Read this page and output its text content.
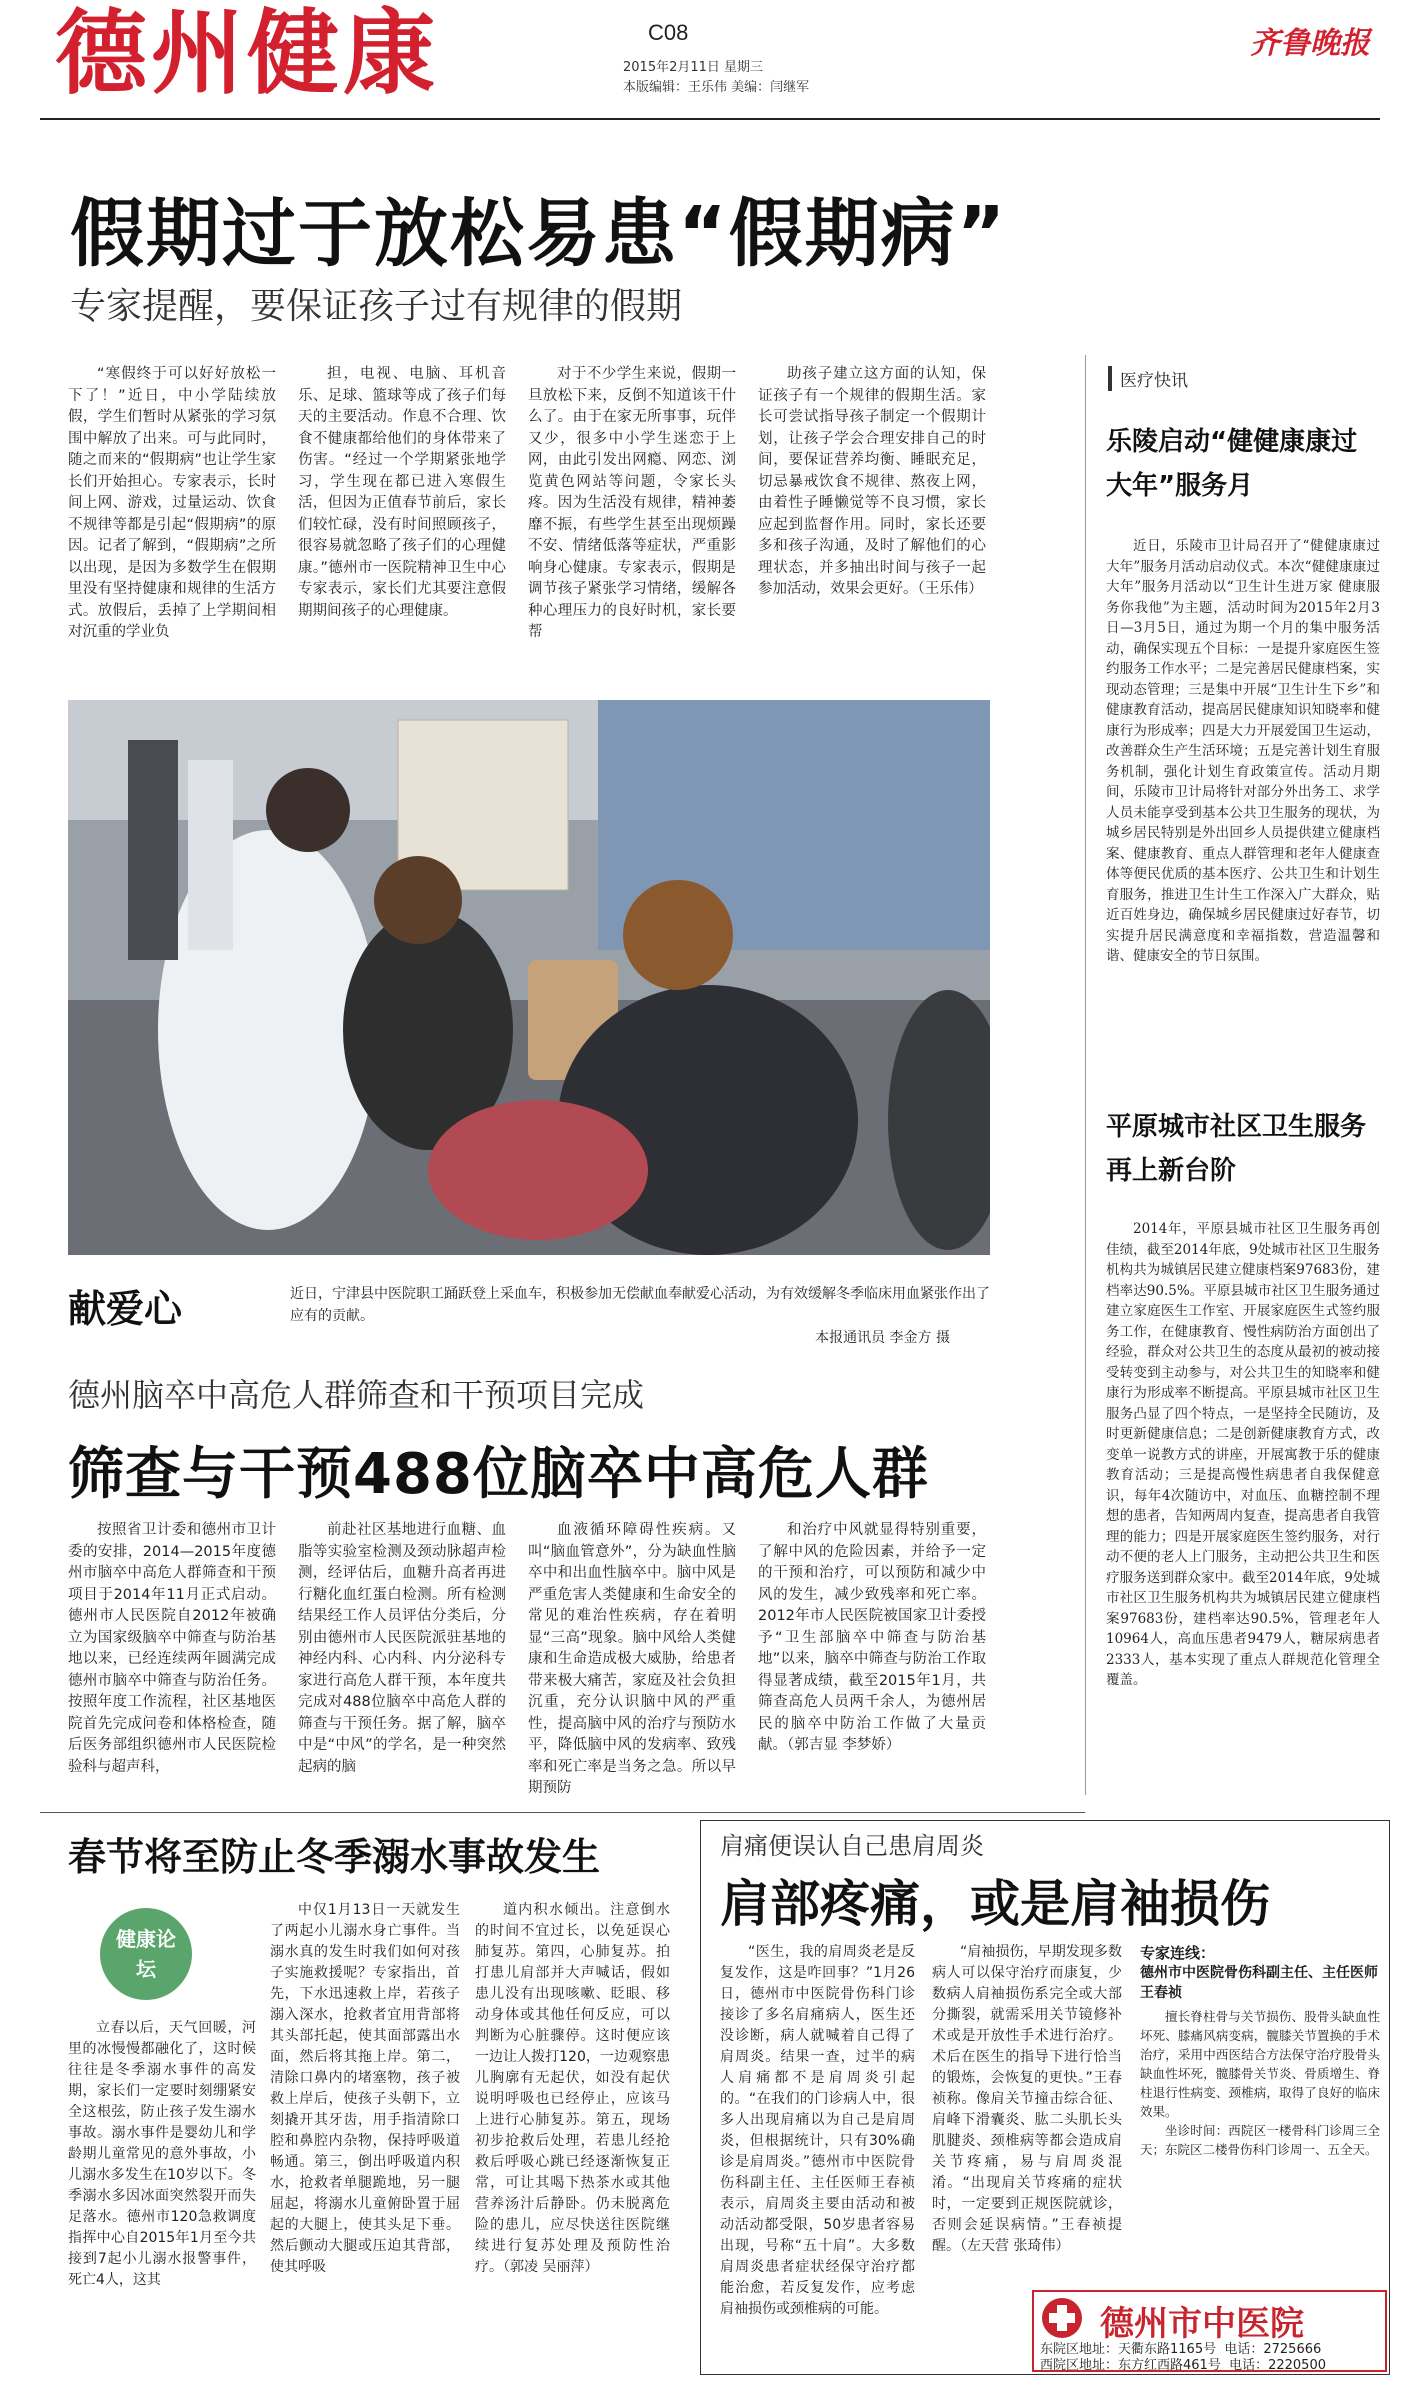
德州健康	C08
2015年2月11日 星期三
本版编辑：王乐伟 美编：闫继军
齐鲁晚报
假期过于放松易患“假期病”
专家提醒，要保证孩子过有规律的假期
“寒假终于可以好好放松一下了！”近日，中小学陆续放假，学生们暂时从紧张的学习氛围中解放了出来。可与此同时，随之而来的“假期病”也让学生家长们开始担心。专家表示，长时间上网、游戏，过量运动、饮食不规律等都是引起“假期病”的原因。记者了解到，“假期病”之所以出现，是因为多数学生在假期里没有坚持健康和规律的生活方式。放假后，丢掉了上学期间相对沉重的学业负
担，电视、电脑、耳机音乐、足球、篮球等成了孩子们每天的主要活动。作息不合理、饮食不健康都给他们的身体带来了伤害。“经过一个学期紧张地学习，学生现在都已进入寒假生活，但因为正值春节前后，家长们较忙碌，没有时间照顾孩子，很容易就忽略了孩子们的心理健康。”德州市一医院精神卫生中心专家表示，家长们尤其要注意假期期间孩子的心理健康。
对于不少学生来说，假期一旦放松下来，反倒不知道该干什么了。由于在家无所事事，玩伴又少，很多中小学生迷恋于上网，由此引发出网瘾、网恋、浏览黄色网站等问题，令家长头疼。因为生活没有规律，精神萎靡不振，有些学生甚至出现烦躁不安、情绪低落等症状，严重影响身心健康。专家表示，假期是调节孩子紧张学习情绪，缓解各种心理压力的良好时机，家长要帮
助孩子建立这方面的认知，保证孩子有一个规律的假期生活。家长可尝试指导孩子制定一个假期计划，让孩子学会合理安排自己的时间，要保证营养均衡、睡眠充足，切忌暴戒饮食不规律、熬夜上网，由着性子睡懒觉等不良习惯，家长应起到监督作用。同时，家长还要多和孩子沟通，及时了解他们的心理状态，并多抽出时间与孩子一起参加活动，效果会更好。（王乐伟）
医疗快讯
乐陵启动“健健康康过大年”服务月
近日，乐陵市卫计局召开了“健健康康过大年”服务月活动启动仪式。本次“健健康康过大年”服务月活动以“卫生计生进万家 健康服务你我他”为主题，活动时间为2015年2月3日—3月5日，通过为期一个月的集中服务活动，确保实现五个目标：一是提升家庭医生签约服务工作水平；二是完善居民健康档案，实现动态管理；三是集中开展“卫生计生下乡”和健康教育活动，提高居民健康知识知晓率和健康行为形成率；四是大力开展爱国卫生运动，改善群众生产生活环境；五是完善计划生育服务机制，强化计划生育政策宣传。活动月期间，乐陵市卫计局将针对部分外出务工、求学人员未能享受到基本公共卫生服务的现状，为城乡居民特别是外出回乡人员提供建立健康档案、健康教育、重点人群管理和老年人健康查体等便民优质的基本医疗、公共卫生和计划生育服务，推进卫生计生工作深入广大群众，贴近百姓身边，确保城乡居民健康过好春节，切实提升居民满意度和幸福指数，营造温馨和谐、健康安全的节日氛围。
平原城市社区卫生服务再上新台阶
2014年，平原县城市社区卫生服务再创佳绩，截至2014年底，9处城市社区卫生服务机构共为城镇居民建立健康档案97683份，建档率达90.5%。平原县城市社区卫生服务通过建立家庭医生工作室、开展家庭医生式签约服务工作，在健康教育、慢性病防治方面创出了经验，群众对公共卫生的态度从最初的被动接受转变到主动参与，对公共卫生的知晓率和健康行为形成率不断提高。平原县城市社区卫生服务凸显了四个特点，一是坚持全民随访，及时更新健康信息；二是创新健康教育方式，改变单一说教方式的讲座，开展寓教于乐的健康教育活动；三是提高慢性病患者自我保健意识，每年4次随访中，对血压、血糖控制不理想的患者，告知两周内复查，提高患者自我管理的能力；四是开展家庭医生签约服务，对行动不便的老人上门服务，主动把公共卫生和医疗服务送到群众家中。截至2014年底，9处城市社区卫生服务机构共为城镇居民建立健康档案97683份，建档率达90.5%，管理老年人10964人，高血压患者9479人，糖尿病患者2333人，基本实现了重点人群规范化管理全覆盖。
献爱心	近日，宁津县中医院职工踊跃登上采血车，积极参加无偿献血奉献爱心活动，为有效缓解冬季临床用血紧张作出了应有的贡献。
本报通讯员 李金方 摄
德州脑卒中高危人群筛查和干预项目完成
筛查与干预488位脑卒中高危人群
按照省卫计委和德州市卫计委的安排，2014—2015年度德州市脑卒中高危人群筛查和干预项目于2014年11月正式启动。德州市人民医院自2012年被确立为国家级脑卒中筛查与防治基地以来，已经连续两年圆满完成德州市脑卒中筛查与防治任务。按照年度工作流程，社区基地医院首先完成问卷和体格检查，随后医务部组织德州市人民医院检验科与超声科，
前赴社区基地进行血糖、血脂等实验室检测及颈动脉超声检测，经评估后，血糖升高者再进行糖化血红蛋白检测。所有检测结果经工作人员评估分类后，分别由德州市人民医院派驻基地的神经内科、心内科、内分泌科专家进行高危人群干预，本年度共完成对488位脑卒中高危人群的筛查与干预任务。据了解，脑卒中是“中风”的学名，是一种突然起病的脑
血液循环障碍性疾病。又叫“脑血管意外”，分为缺血性脑卒中和出血性脑卒中。脑中风是严重危害人类健康和生命安全的常见的难治性疾病，存在着明显“三高”现象。脑中风给人类健康和生命造成极大威胁，给患者带来极大痛苦，家庭及社会负担沉重，充分认识脑中风的严重性，提高脑中风的治疗与预防水平，降低脑中风的发病率、致残率和死亡率是当务之急。所以早期预防
和治疗中风就显得特别重要，了解中风的危险因素，并给予一定的干预和治疗，可以预防和减少中风的发生，减少致残率和死亡率。2012年市人民医院被国家卫计委授予“卫生部脑卒中筛查与防治基地”以来，脑卒中筛查与防治工作取得显著成绩，截至2015年1月，共筛查高危人员两千余人，为德州居民的脑卒中防治工作做了大量贡献。（郭吉显 李梦娇）
春节将至防止冬季溺水事故发生
健康论坛
立春以后，天气回暖，河里的冰慢慢都融化了，这时候往往是冬季溺水事件的高发期，家长们一定要时刻绷紧安全这根弦，防止孩子发生溺水事故。溺水事件是婴幼儿和学龄期儿童常见的意外事故，小儿溺水多发生在10岁以下。冬季溺水多因冰面突然裂开而失足落水。德州市120急救调度指挥中心自2015年1月至今共接到7起小儿溺水报警事件，死亡4人，这其
中仅1月13日一天就发生了两起小儿溺水身亡事件。当溺水真的发生时我们如何对孩子实施救援呢？专家指出，首先，下水迅速救上岸，若孩子溺入深水，抢救者宜用背部将其头部托起，使其面部露出水面，然后将其拖上岸。第二，清除口鼻内的堵塞物，孩子被救上岸后，使孩子头朝下，立刻撬开其牙齿，用手指清除口腔和鼻腔内杂物，保持呼吸道畅通。第三，倒出呼吸道内积水，抢救者单腿跪地，另一腿屈起，将溺水儿童俯卧置于屈起的大腿上，使其头足下垂。然后颤动大腿或压迫其背部，使其呼吸
道内积水倾出。注意倒水的时间不宜过长，以免延误心肺复苏。第四，心肺复苏。拍打患儿肩部并大声喊话，假如患儿没有出现咳嗽、眨眼、移动身体或其他任何反应，可以判断为心脏骤停。这时便应该一边让人拨打120，一边观察患儿胸廓有无起伏，如没有起伏说明呼吸也已经停止，应该马上进行心肺复苏。第五，现场初步抢救后处理，若患儿经抢救后呼吸心跳已经逐渐恢复正常，可让其喝下热茶水或其他营养汤汁后静卧。仍未脱离危险的患儿，应尽快送往医院继续进行复苏处理及预防性治疗。（郭凌 吴丽萍）
肩痛便误认自己患肩周炎
肩部疼痛，或是肩袖损伤
“医生，我的肩周炎老是反复发作，这是咋回事？”1月26日，德州市中医院骨伤科门诊接诊了多名肩痛病人，医生还没诊断，病人就喊着自己得了肩周炎。结果一查，过半的病人肩痛都不是肩周炎引起的。“在我们的门诊病人中，很多人出现肩痛以为自己是肩周炎，但根据统计，只有30%确诊是肩周炎。”德州市中医院骨伤科副主任、主任医师王春祯表示，肩周炎主要由活动和被动活动都受限，50岁患者容易出现，号称“五十肩”。大多数肩周炎患者症状经保守治疗都能治愈，若反复发作，应考虑肩袖损伤或颈椎病的可能。
“肩袖损伤，早期发现多数病人可以保守治疗而康复，少数病人肩袖损伤系完全或大部分撕裂，就需采用关节镜修补术或是开放性手术进行治疗。术后在医生的指导下进行恰当的锻炼，会恢复的更快。”王春祯称。像肩关节撞击综合征、肩峰下滑囊炎、肱二头肌长头肌腱炎、颈椎病等都会造成肩关节疼痛，易与肩周炎混淆。“出现肩关节疼痛的症状时，一定要到正规医院就诊，否则会延误病情。”王春祯提醒。（左天营 张琦伟）
专家连线：
德州市中医院骨伤科副主任、主任医师 王春祯
擅长脊柱骨与关节损伤、股骨头缺血性坏死、膝痛风病变病，髋膝关节置换的手术治疗，采用中西医结合方法保守治疗股骨头缺血性坏死，髋膝骨关节炎、骨质增生、脊柱退行性病变、颈椎病，取得了良好的临床效果。
坐诊时间：西院区一楼骨科门诊周三全天；东院区二楼骨伤科门诊周一、五全天。
德州市中医院
东院区地址：天衢东路1165号 电话：2725666
西院区地址：东方红西路461号 电话：2220500
